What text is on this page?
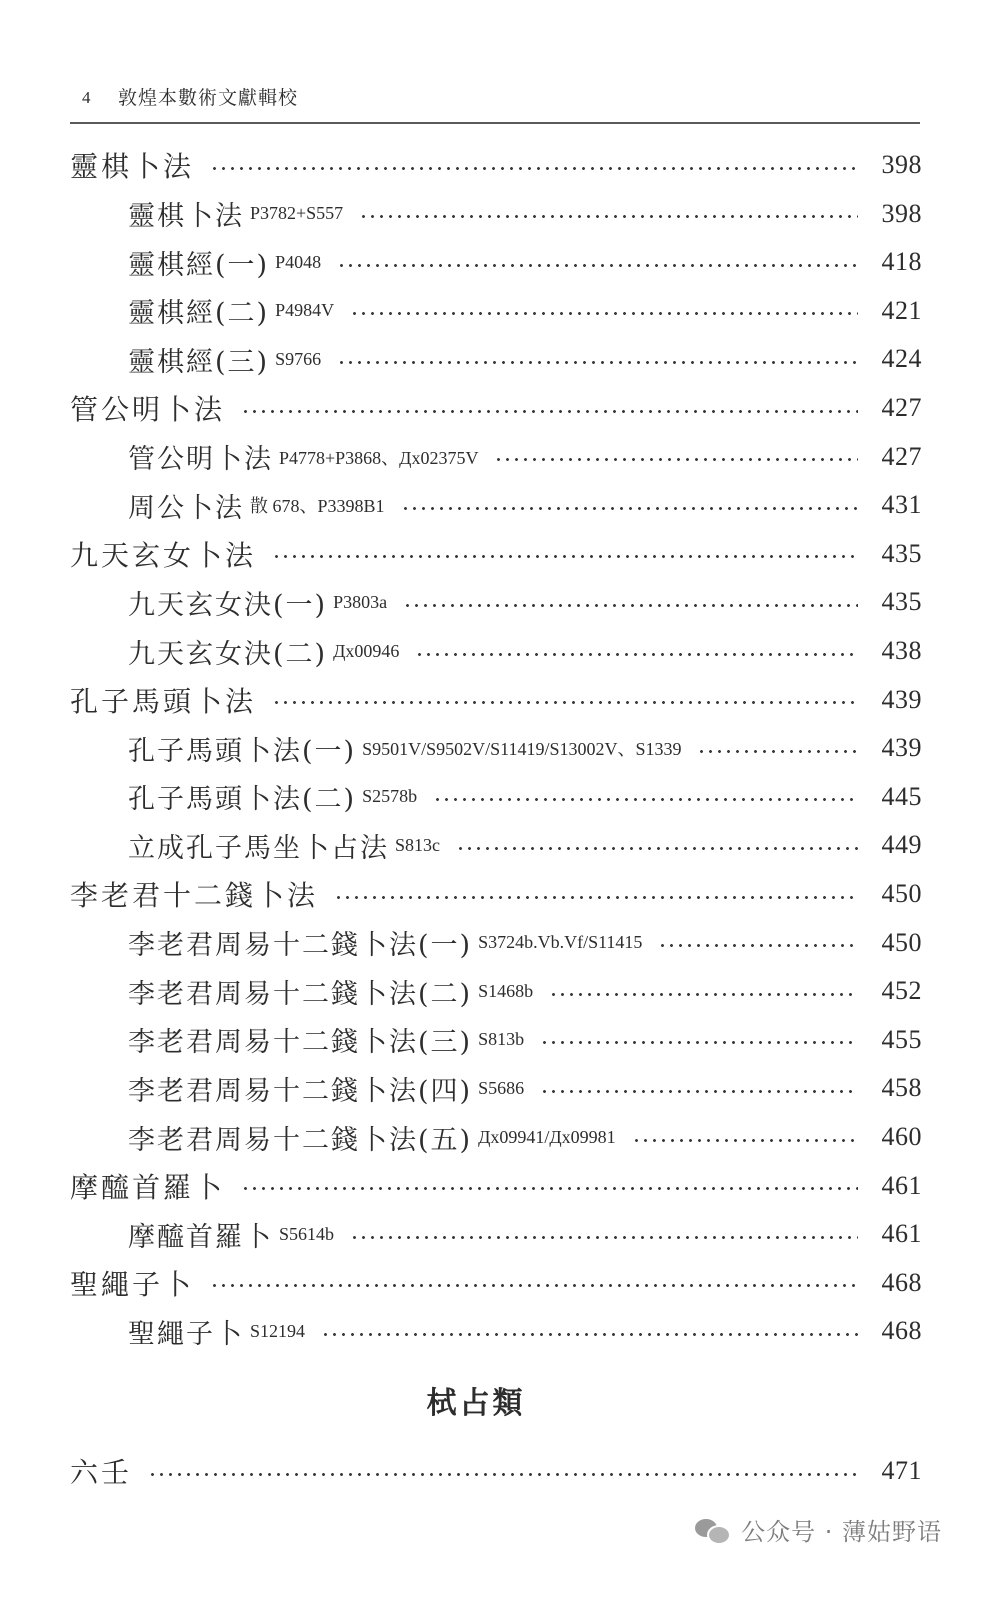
4 敦煌本數術文獻輯校
靈棋卜法	398
靈棋卜法 P3782+S557	398
靈棋經(一) P4048	418
靈棋經(二) P4984V	421
靈棋經(三) S9766	424
管公明卜法	427
管公明卜法 P4778+P3868、Дх02375V	427
周公卜法 散 678、P3398B1	431
九天玄女卜法	435
九天玄女決(一) P3803a	435
九天玄女決(二) Дх00946	438
孔子馬頭卜法	439
孔子馬頭卜法(一) S9501V/S9502V/S11419/S13002V、S1339	439
孔子馬頭卜法(二) S2578b	445
立成孔子馬坐卜占法 S813c	449
李老君十二錢卜法	450
李老君周易十二錢卜法(一) S3724b.Vb.Vf/S11415	450
李老君周易十二錢卜法(二) S1468b	452
李老君周易十二錢卜法(三) S813b	455
李老君周易十二錢卜法(四) S5686	458
李老君周易十二錢卜法(五) Дх09941/Дх09981	460
摩醯首羅卜	461
摩醯首羅卜 S5614b	461
聖繩子卜	468
聖繩子卜 S12194	468
栻占類
六壬	471
公众号 · 薄姑野语
